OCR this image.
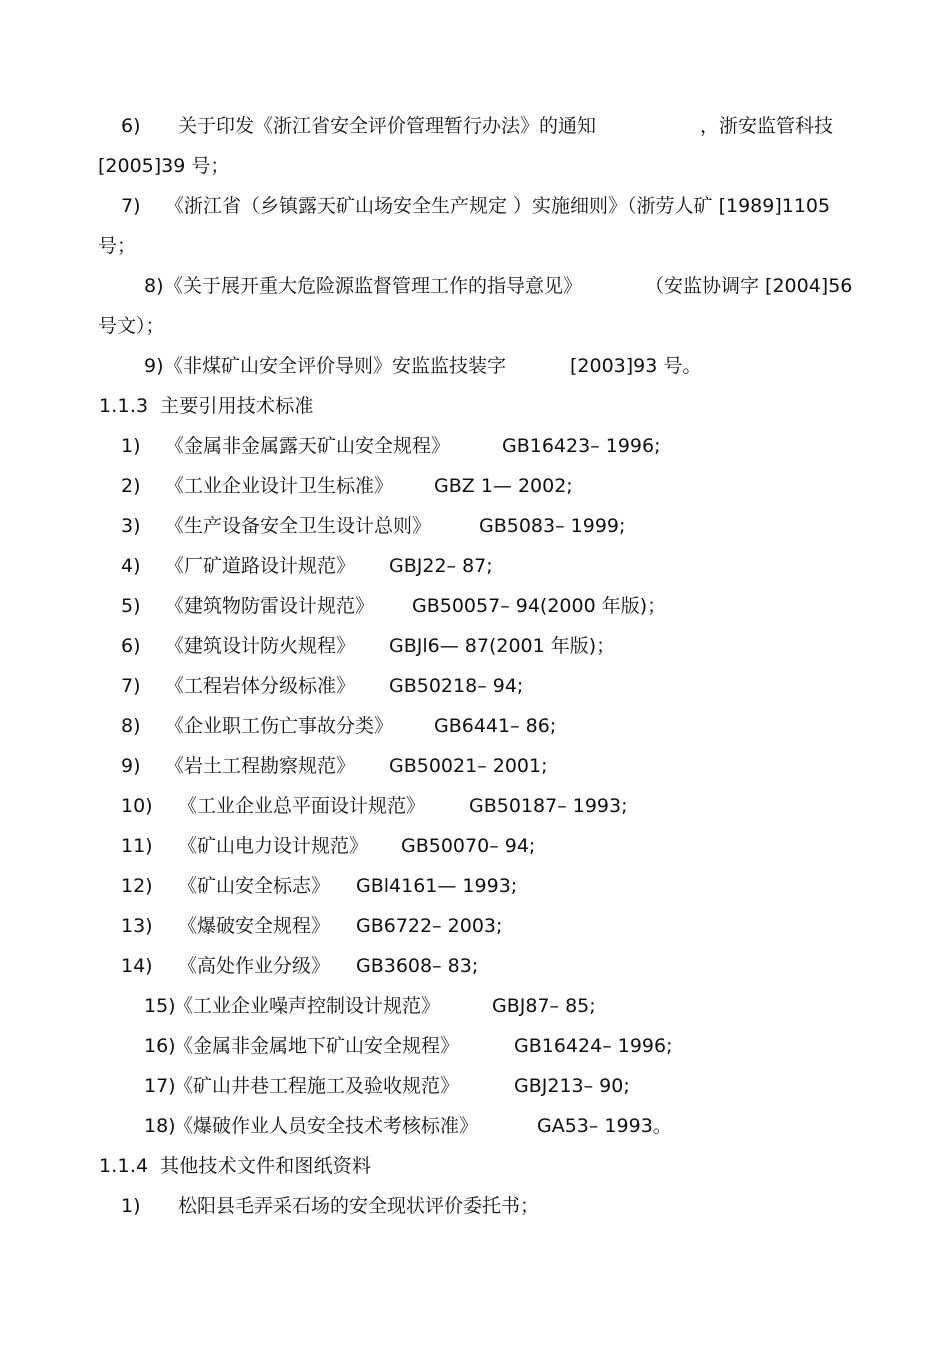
6) 关于印发《浙江省安全评价管理暂行办法》的通知	，浙安监管科技
[2005]39 号；
7) 《浙江省（乡镇露天矿山场安全生产规定 ）实施细则》（浙劳人矿 [1989]1105
号；
8) 《关于展开重大危险源监督管理工作的指导意见》	（安监协调字 [2004]56
号文）；
9) 《非煤矿山安全评价导则》安监监技装字	[2003]93 号。
1.1.3 主要引用技术标准
1) 《金属非金属露天矿山安全规程》	GB16423– 1996;
2) 《工业企业设计卫生标准》 GBZ 1— 2002;
3) 《生产设备安全卫生设计总则》	GB5083– 1999;
4) 《厂矿道路设计规范》 GBJ22– 87;
5) 《建筑物防雷设计规范》 GB50057– 94(2000 年版)；
6) 《建筑设计防火规程》 GBJl6— 87(2001 年版)；
7) 《工程岩体分级标准》 GB50218– 94;
8) 《企业职工伤亡事故分类》 GB6441– 86;
9) 《岩土工程勘察规范》 GB50021– 2001;
10) 《工业企业总平面设计规范》 GB50187– 1993;
11) 《矿山电力设计规范》 GB50070– 94;
12) 《矿山安全标志》 GBl4161— 1993;
13) 《爆破安全规程》 GB6722– 2003;
14) 《高处作业分级》 GB3608– 83;
15)
《工业企业噪声控制设计规范》	GBJ87– 85;
16)
《金属非金属地下矿山安全规程》	GB16424– 1996;
17)
《矿山井巷工程施工及验收规范》	GBJ213– 90;
18)
《爆破作业人员安全技术考核标准》	GA53– 1993。
1.1.4 其他技术文件和图纸资料
1) 松阳县毛弄采石场的安全现状评价委托书；
